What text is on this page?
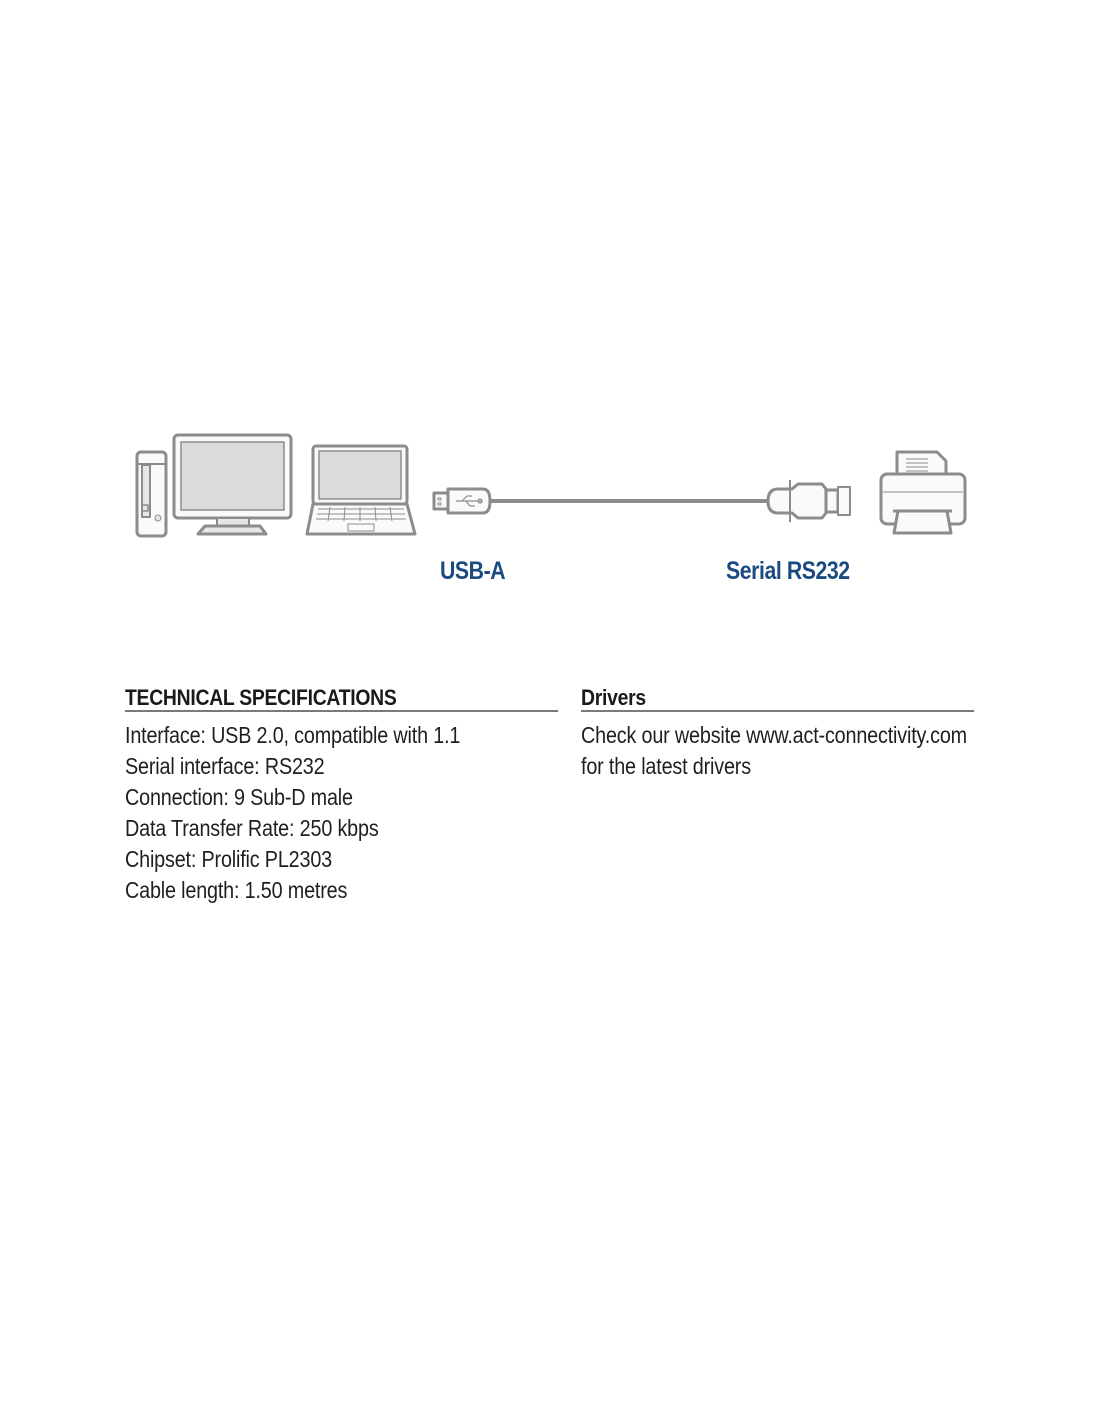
USB-A	Serial RS232
TECHNICAL SPECIFICATIONS
Interface: USB 2.0, compatible with 1.1
Serial interface: RS232
Connection: 9 Sub-D male
Data Transfer Rate: 250 kbps
Chipset: Prolific PL2303
Cable length: 1.50 metres
Drivers
Check our website www.act-connectivity.com
for the latest drivers
